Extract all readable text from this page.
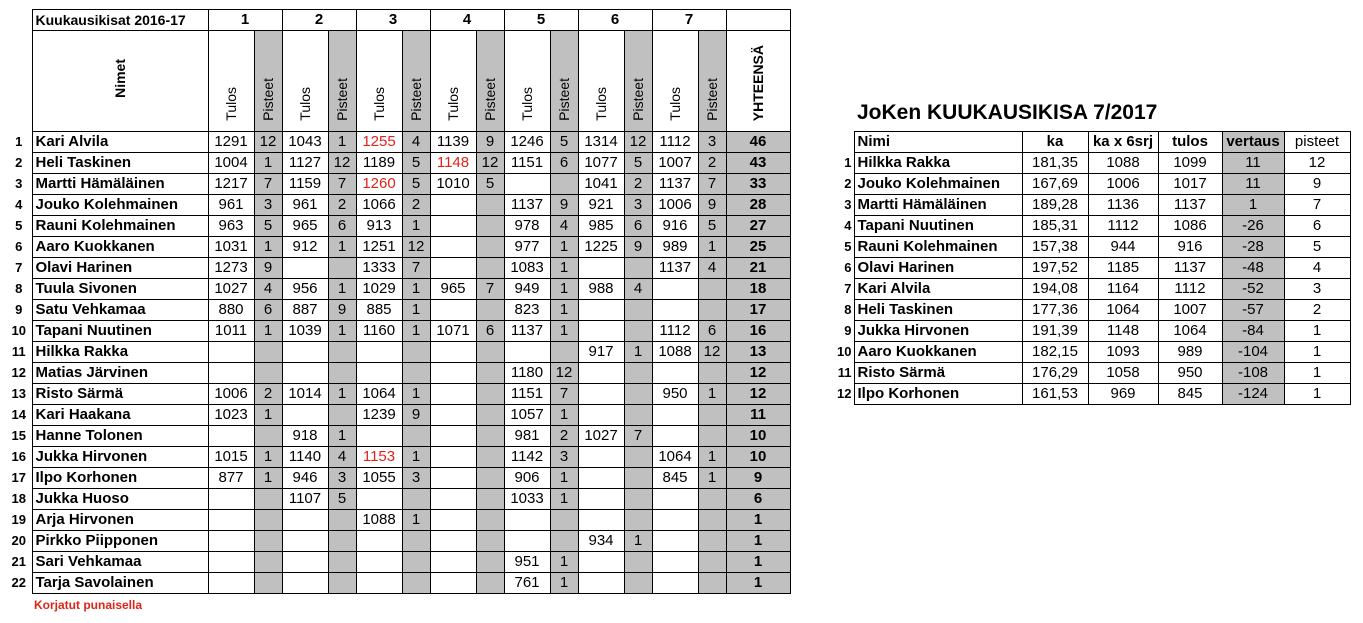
	Kuukausikisat 2016-17	1		2		3		4		5		6		7		
	Nimet	Tulos	Pisteet	Tulos	Pisteet	Tulos	Pisteet	Tulos	Pisteet	Tulos	Pisteet	Tulos	Pisteet	Tulos	Pisteet	YHTEENSÄ
1	Kari Alvila	1291	12	1043	1	1255	4	1139	9	1246	5	1314	12	1112	3	46
2	Heli Taskinen	1004	1	1127	12	1189	5	1148	12	1151	6	1077	5	1007	2	43
3	Martti Hämäläinen	1217	7	1159	7	1260	5	1010	5			1041	2	1137	7	33
4	Jouko Kolehmainen	961	3	961	2	1066	2			1137	9	921	3	1006	9	28
5	Rauni Kolehmainen	963	5	965	6	913	1			978	4	985	6	916	5	27
6	Aaro Kuokkanen	1031	1	912	1	1251	12			977	1	1225	9	989	1	25
7	Olavi Harinen	1273	9			1333	7			1083	1			1137	4	21
8	Tuula Sivonen	1027	4	956	1	1029	1	965	7	949	1	988	4			18
9	Satu Vehkamaa	880	6	887	9	885	1			823	1					17
10	Tapani Nuutinen	1011	1	1039	1	1160	1	1071	6	1137	1			1112	6	16
11	Hilkka Rakka											917	1	1088	12	13
12	Matias Järvinen									1180	12					12
13	Risto Särmä	1006	2	1014	1	1064	1			1151	7			950	1	12
14	Kari Haakana	1023	1			1239	9			1057	1					11
15	Hanne Tolonen			918	1					981	2	1027	7			10
16	Jukka Hirvonen	1015	1	1140	4	1153	1			1142	3			1064	1	10
17	Ilpo Korhonen	877	1	946	3	1055	3			906	1			845	1	9
18	Jukka Huoso			1107	5					1033	1					6
19	Arja Hirvonen					1088	1									1
20	Pirkko Piipponen											934	1			1
21	Sari Vehkamaa									951	1					1
22	Tarja Savolainen									761	1					1
Korjatut punaisella
JoKen KUUKAUSIKISA 7/2017
	Nimi	ka	ka x 6srj	tulos	vertaus	pisteet
1	Hilkka Rakka	181,35	1088	1099	11	12
2	Jouko Kolehmainen	167,69	1006	1017	11	9
3	Martti Hämäläinen	189,28	1136	1137	1	7
4	Tapani Nuutinen	185,31	1112	1086	-26	6
5	Rauni Kolehmainen	157,38	944	916	-28	5
6	Olavi Harinen	197,52	1185	1137	-48	4
7	Kari Alvila	194,08	1164	1112	-52	3
8	Heli Taskinen	177,36	1064	1007	-57	2
9	Jukka Hirvonen	191,39	1148	1064	-84	1
10	Aaro Kuokkanen	182,15	1093	989	-104	1
11	Risto Särmä	176,29	1058	950	-108	1
12	Ilpo Korhonen	161,53	969	845	-124	1
